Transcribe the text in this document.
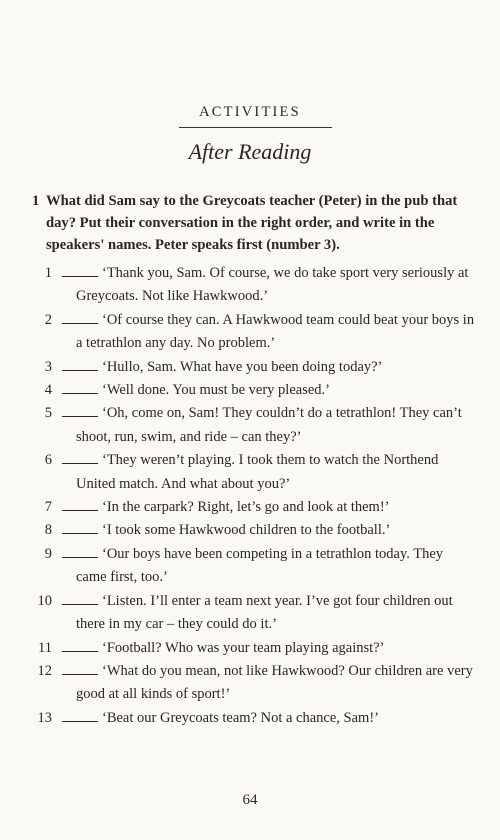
ACTIVITIES
After Reading
1 What did Sam say to the Greycoats teacher (Peter) in the pub that day? Put their conversation in the right order, and write in the speakers' names. Peter speaks first (number 3).
1	‘Thank you, Sam. Of course, we do take sport very seriously at Greycoats. Not like Hawkwood.’
2	‘Of course they can. A Hawkwood team could beat your boys in a tetrathlon any day. No problem.’
3	‘Hullo, Sam. What have you been doing today?’
4	‘Well done. You must be very pleased.’
5	‘Oh, come on, Sam! They couldn’t do a tetrathlon! They can’t shoot, run, swim, and ride – can they?’
6	‘They weren’t playing. I took them to watch the Northend United match. And what about you?’
7	‘In the carpark? Right, let’s go and look at them!’
8	‘I took some Hawkwood children to the football.’
9	‘Our boys have been competing in a tetrathlon today. They came first, too.’
10	‘Listen. I’ll enter a team next year. I’ve got four children out there in my car – they could do it.’
11	‘Football? Who was your team playing against?’
12	‘What do you mean, not like Hawkwood? Our children are very good at all kinds of sport!’
13	‘Beat our Greycoats team? Not a chance, Sam!’
64
